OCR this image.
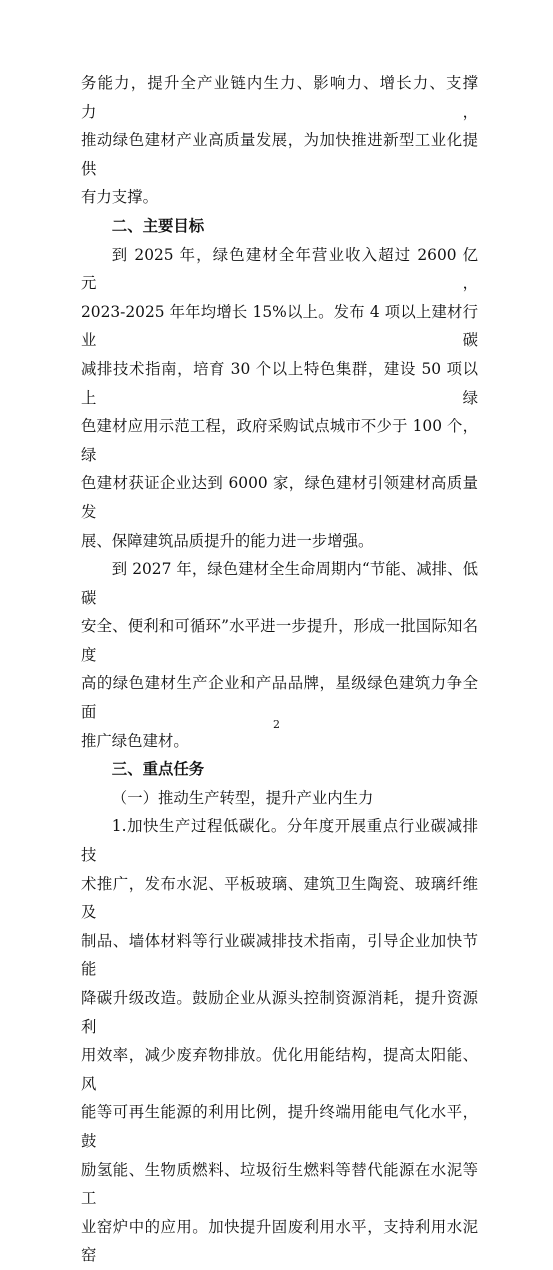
务能力，提升全产业链内生力、影响力、增长力、支撑力，

推动绿色建材产业高质量发展，为加快推进新型工业化提供

有力支撑。

二、主要目标

到 2025 年，绿色建材全年营业收入超过 2600 亿元，

2023-2025 年年均增长 15%以上。发布 4 项以上建材行业碳

减排技术指南，培育 30 个以上特色集群，建设 50 项以上绿

色建材应用示范工程，政府采购试点城市不少于 100 个，绿

色建材获证企业达到 6000 家，绿色建材引领建材高质量发

展、保障建筑品质提升的能力进一步增强。

到 2027 年，绿色建材全生命周期内“节能、减排、低碳

安全、便利和可循环”水平进一步提升，形成一批国际知名度

高的绿色建材生产企业和产品品牌，星级绿色建筑力争全面

推广绿色建材。

三、重点任务

（一）推动生产转型，提升产业内生力

1.加快生产过程低碳化。分年度开展重点行业碳减排技

术推广，发布水泥、平板玻璃、建筑卫生陶瓷、玻璃纤维及

制品、墙体材料等行业碳减排技术指南，引导企业加快节能

降碳升级改造。鼓励企业从源头控制资源消耗，提升资源利

用效率，减少废弃物排放。优化用能结构，提高太阳能、风

能等可再生能源的利用比例，提升终端用能电气化水平，鼓

励氢能、生物质燃料、垃圾衍生燃料等替代能源在水泥等工

业窑炉中的应用。加快提升固废利用水平，支持利用水泥窑

2
